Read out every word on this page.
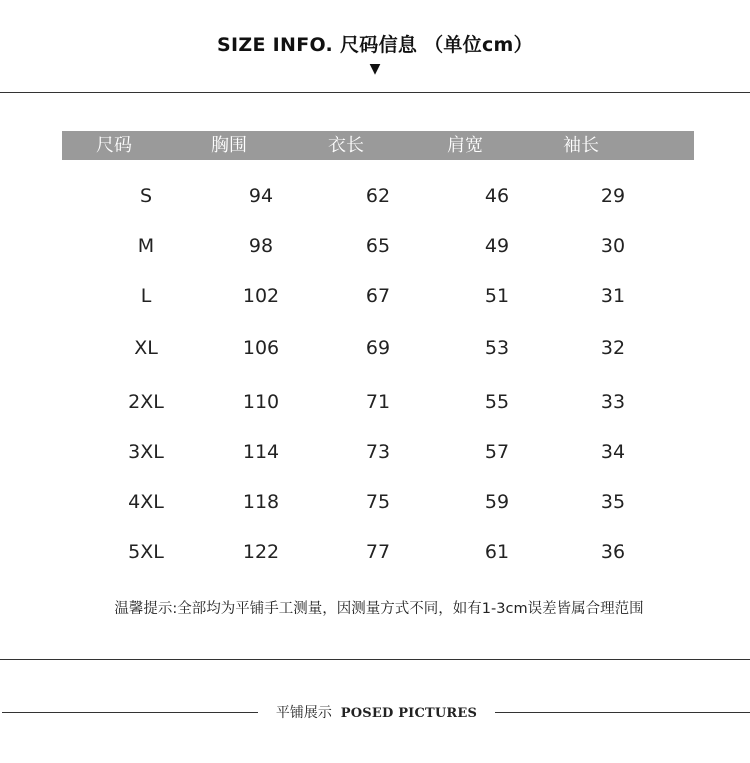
SIZE INFO. 尺码信息 （单位cm）
▼
尺码	胸围	衣长	肩宽	袖长
S	94	62	46	29
M	98	65	49	30
L	102	67	51	31
XL	106	69	53	32
2XL	110	71	55	33
3XL	114	73	57	34
4XL	118	75	59	35
5XL	122	77	61	36
温馨提示:全部均为平铺手工测量，因测量方式不同，如有1-3cm误差皆属合理范围
平铺展示 POSED PICTURES
